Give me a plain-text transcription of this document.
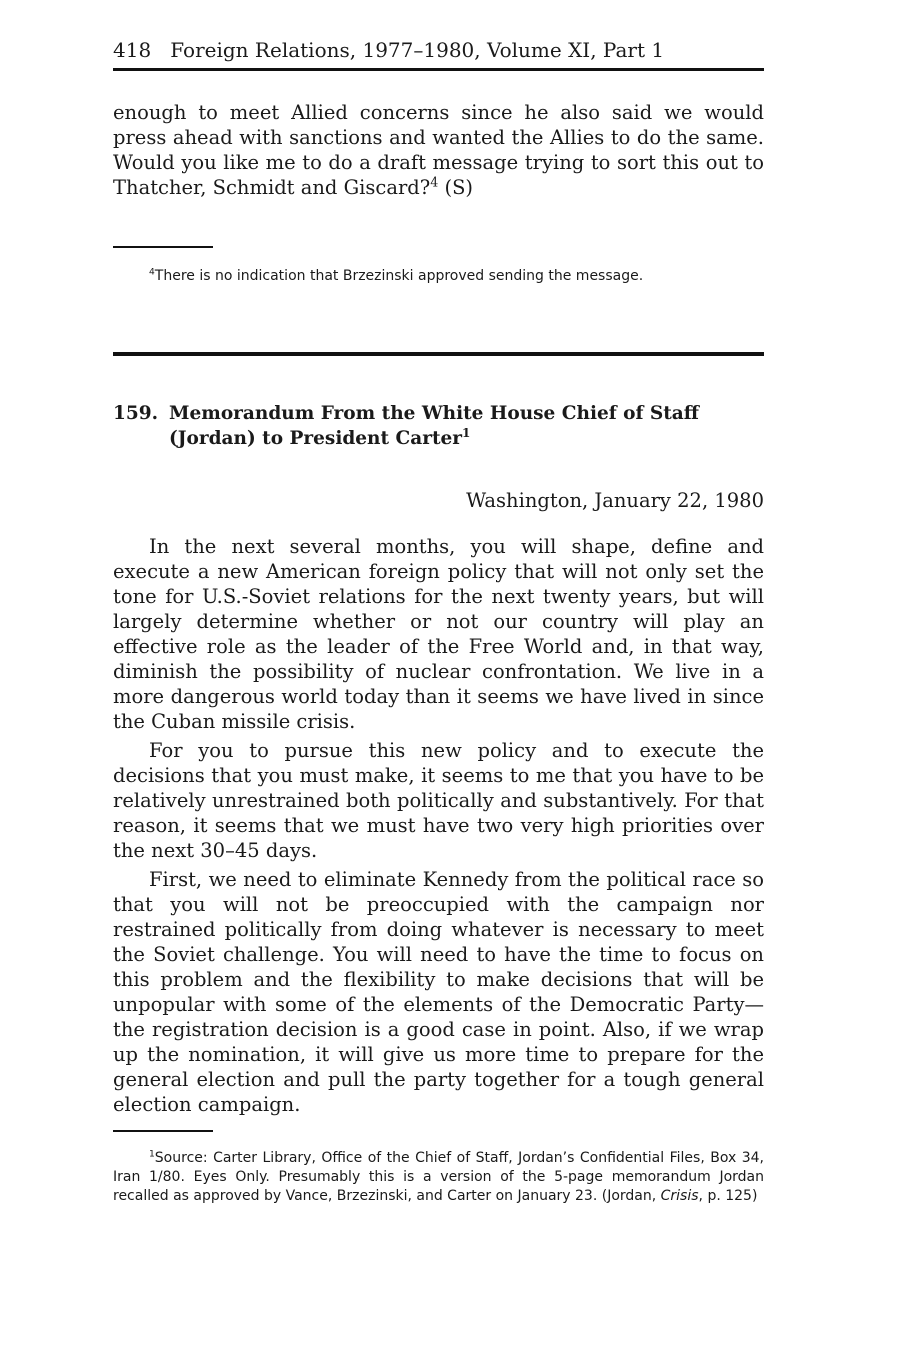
418 Foreign Relations, 1977–1980, Volume XI, Part 1

enough to meet Allied concerns since he also said we would press ahead with sanctions and wanted the Allies to do the same. Would you like me to do a draft message trying to sort this out to Thatcher, Schmidt and Giscard?$^4$ (S)

$^4$There is no indication that Brzezinski approved sending the message.

159. Memorandum From the White House Chief of Staff (Jordan) to President Carter$^1$
Washington, January 22, 1980

In the next several months, you will shape, define and execute a new American foreign policy that will not only set the tone for U.S.-Soviet relations for the next twenty years, but will largely determine whether or not our country will play an effective role as the leader of the Free World and, in that way, diminish the possibility of nuclear confrontation. We live in a more dangerous world today than it seems we have lived in since the Cuban missile crisis.

For you to pursue this new policy and to execute the decisions that you must make, it seems to me that you have to be relatively unrestrained both politically and substantively. For that reason, it seems that we must have two very high priorities over the next 30–45 days.

First, we need to eliminate Kennedy from the political race so that you will not be preoccupied with the campaign nor restrained politically from doing whatever is necessary to meet the Soviet challenge. You will need to have the time to focus on this problem and the flexibility to make decisions that will be unpopular with some of the elements of the Democratic Party—the registration decision is a good case in point. Also, if we wrap up the nomination, it will give us more time to prepare for the general election and pull the party together for a tough general election campaign.

$^1$Source: Carter Library, Office of the Chief of Staff, Jordan’s Confidential Files, Box 34, Iran 1/80. Eyes Only. Presumably this is a version of the 5-page memorandum Jordan recalled as approved by Vance, Brzezinski, and Carter on January 23. (Jordan, Crisis, p. 125)
